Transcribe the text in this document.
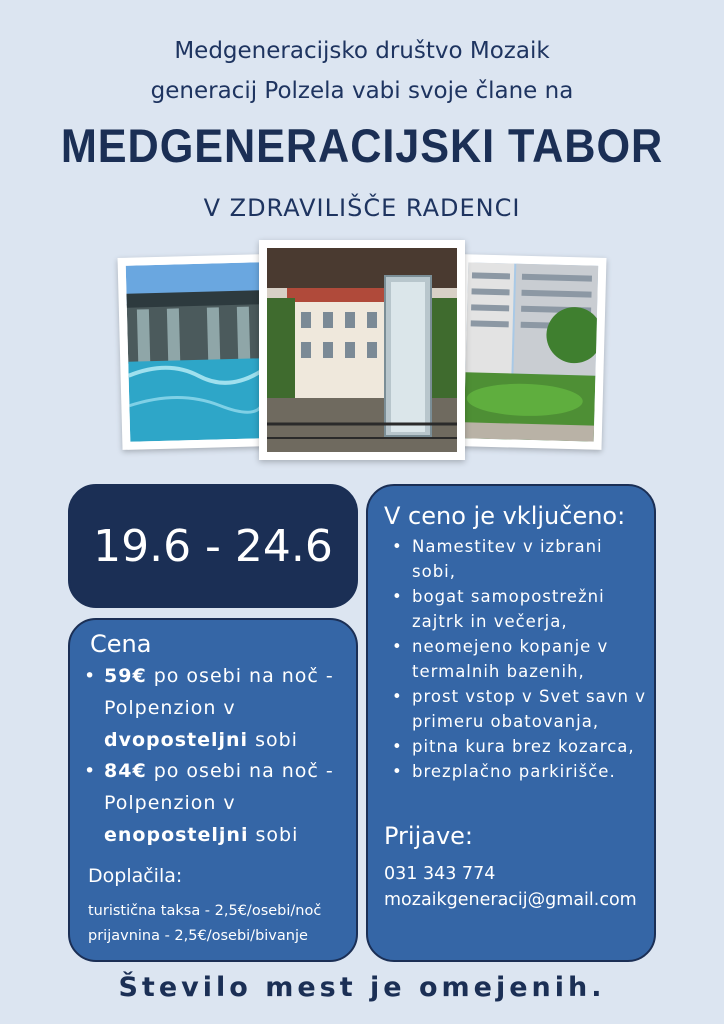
Medgeneracijsko društvo Mozaik
generacij Polzela vabi svoje člane na
MEDGENERACIJSKI TABOR
V ZDRAVILIŠČE RADENCI
19.6 - 24.6
Cena
• 59€ po osebi na noč -
Polpenzion v
dvoposteljni sobi
• 84€ po osebi na noč -
Polpenzion v
enoposteljni sobi
Doplačila:
turistična taksa - 2,5€/osebi/noč
prijavnina - 2,5€/osebi/bivanje
V ceno je vključeno:
• Namestitev v izbrani sobi,
• bogat samopostrežni zajtrk in večerja,
• neomejeno kopanje v termalnih bazenih,
• prost vstop v Svet savn v primeru obatovanja,
• pitna kura brez kozarca,
• brezplačno parkirišče.
Prijave:
031 343 774
mozaikgeneracij@gmail.com
Število mest je omejenih.
